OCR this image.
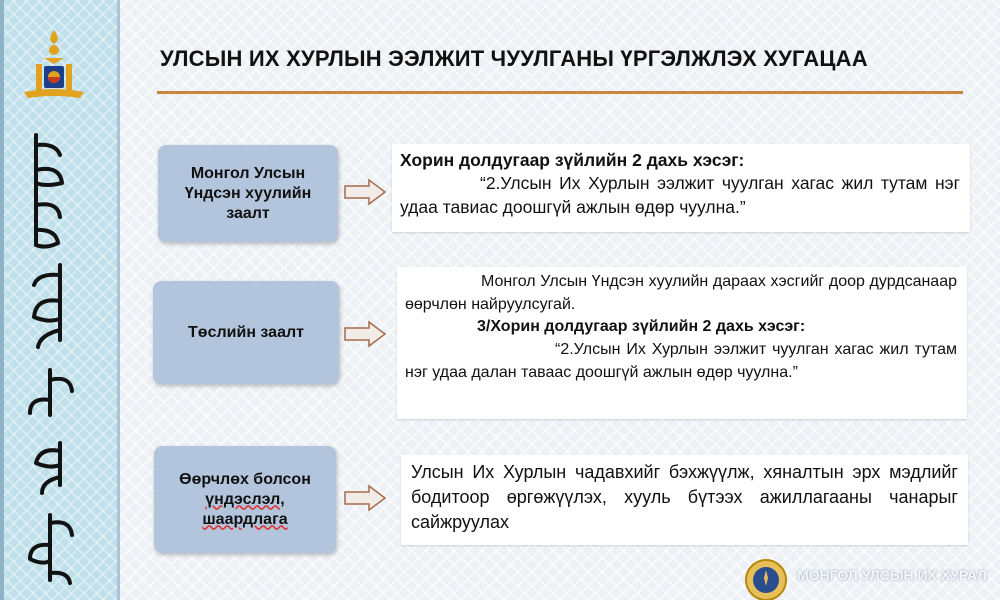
УЛСЫН ИХ ХУРЛЫН ЭЭЛЖИТ ЧУУЛГАНЫ ҮРГЭЛЖЛЭХ ХУГАЦАА
Монгол Улсын
Үндсэн хуулийн
заалт
Хорин долдугаар зүйлийн 2 дахь хэсэг:
“2.Улсын Их Хурлын ээлжит чуулган хагас жил тутам нэг удаа тавиас доошгүй ажлын өдөр чуулна.”
Төслийн заалт
Монгол Улсын Үндсэн хуулийн дараах хэсгийг доор дурдсанаар өөрчлөн найруулсугай.
3/Хорин долдугаар зүйлийн 2 дахь хэсэг:
“2.Улсын Их Хурлын ээлжит чуулган хагас жил тутам нэг удаа далан таваас доошгүй ажлын өдөр чуулна.”
Өөрчлөх болсон
үндэслэл,
шаардлага
Улсын Их Хурлын чадавхийг бэхжүүлж, хяналтын эрх мэдлийг бодитоор өргөжүүлэх, хууль бүтээх ажиллагааны чанарыг сайжруулах
МОНГОЛ УЛСЫН ИХ ХУРАЛ
